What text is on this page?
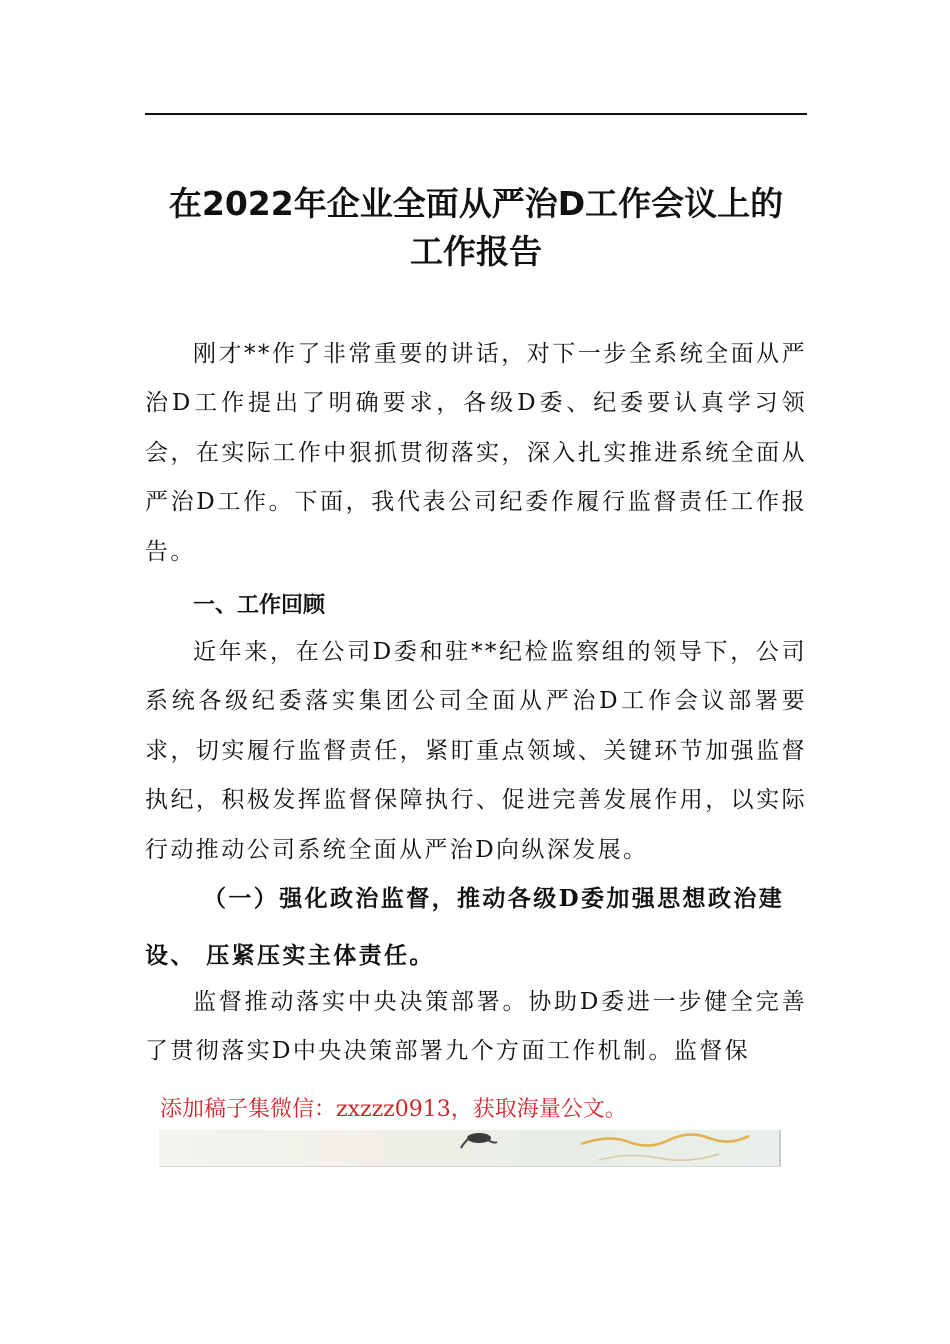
在2022年企业全面从严治D工作会议上的
工作报告

刚才**作了非常重要的讲话，对下一步全系统全面从严治D工作提出了明确要求，各级D委、纪委要认真学习领会，在实际工作中狠抓贯彻落实，深入扎实推进系统全面从严治D工作。下面，我代表公司纪委作履行监督责任工作报告。

一、工作回顾

近年来，在公司D委和驻**纪检监察组的领导下，公司系统各级纪委落实集团公司全面从严治D工作会议部署要求，切实履行监督责任，紧盯重点领域、关键环节加强监督执纪，积极发挥监督保障执行、促进完善发展作用，以实际行动推动公司系统全面从严治D向纵深发展。

（一）强化政治监督，推动各级D委加强思想政治建设、 压紧压实主体责任。

监督推动落实中央决策部署。协助D委进一步健全完善了贯彻落实D中央决策部署九个方面工作机制。监督保

添加稿子集微信：zxzzz0913，获取海量公文。
